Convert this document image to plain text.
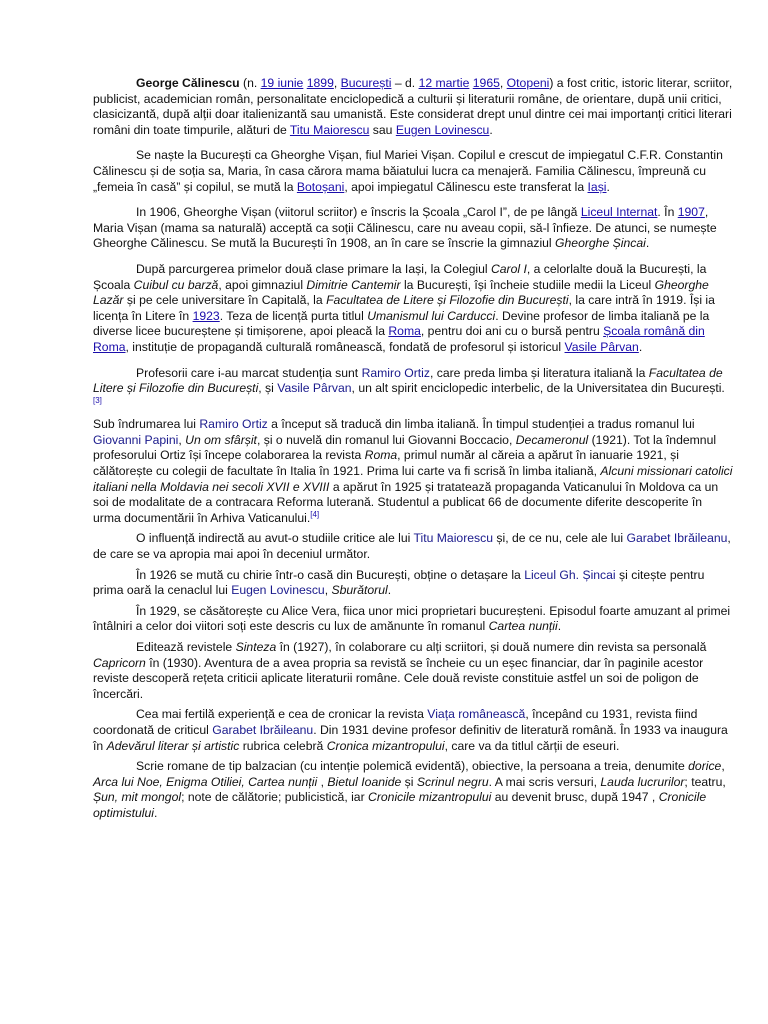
George Călinescu (n. 19 iunie 1899, București – d. 12 martie 1965, Otopeni) a fost critic, istoric literar, scriitor, publicist, academician român, personalitate enciclopedică a culturii și literaturii române, de orientare, după unii critici, clasicizantă, după alții doar italienizantă sau umanistă. Este considerat drept unul dintre cei mai importanți critici literari români din toate timpurile, alături de Titu Maiorescu sau Eugen Lovinescu.

Se naște la București ca Gheorghe Vișan, fiul Mariei Vișan. Copilul e crescut de impiegatul C.F.R. Constantin Călinescu și de soția sa, Maria, în casa cărora mama băiatului lucra ca menajeră. Familia Călinescu, împreună cu „femeia în casă” și copilul, se mută la Botoșani, apoi impiegatul Călinescu este transferat la Iași.

In 1906, Gheorghe Vișan (viitorul scriitor) e înscris la Școala „Carol I”, de pe lângă Liceul Internat. În 1907, Maria Vișan (mama sa naturală) acceptă ca soții Călinescu, care nu aveau copii, să-l înfieze. De atunci, se numește Gheorghe Călinescu. Se mută la București în 1908, an în care se înscrie la gimnaziul Gheorghe Șincai.

După parcurgerea primelor două clase primare la Iași, la Colegiul Carol I, a celorlalte două la București, la Școala Cuibul cu barză, apoi gimnaziul Dimitrie Cantemir la București, își încheie studiile medii la Liceul Gheorghe Lazăr și pe cele universitare în Capitală, la Facultatea de Litere și Filozofie din București, la care intră în 1919. Își ia licența în Litere în 1923. Teza de licență purta titlul Umanismul lui Carducci. Devine profesor de limba italiană pe la diverse licee bucureștene și timișorene, apoi pleacă la Roma, pentru doi ani cu o bursă pentru Școala română din Roma, instituție de propagandă culturală românească, fondată de profesorul și istoricul Vasile Pârvan.

Profesorii care i-au marcat studenția sunt Ramiro Ortiz, care preda limba și literatura italiană la Facultatea de Litere și Filozofie din București, și Vasile Pârvan, un alt spirit enciclopedic interbelic, de la Universitatea din București.[3]

Sub îndrumarea lui Ramiro Ortiz a început să traducă din limba italiană. În timpul studenției a tradus romanul lui Giovanni Papini, Un om sfârșit, și o nuvelă din romanul lui Giovanni Boccacio, Decameronul (1921). Tot la îndemnul profesorului Ortiz își începe colaborarea la revista Roma, primul număr al căreia a apărut în ianuarie 1921, și călătorește cu colegii de facultate în Italia în 1921. Prima lui carte va fi scrisă în limba italiană, Alcuni missionari catolici italiani nella Moldavia nei secoli XVII e XVIII a apărut în 1925 și tratatează propaganda Vaticanului în Moldova ca un soi de modalitate de a contracara Reforma luterană. Studentul a publicat 66 de documente diferite descoperite în urma documentării în Arhiva Vaticanului.[4]

O influență indirectă au avut-o studiile critice ale lui Titu Maiorescu și, de ce nu, cele ale lui Garabet Ibrăileanu, de care se va apropia mai apoi în deceniul următor.

În 1926 se mută cu chirie într-o casă din București, obține o detașare la Liceul Gh. Șincai și citește pentru prima oară la cenaclul lui Eugen Lovinescu, Sburătorul.

În 1929, se căsătorește cu Alice Vera, fiica unor mici proprietari bucureșteni. Episodul foarte amuzant al primei întâlniri a celor doi viitori soți este descris cu lux de amănunte în romanul Cartea nunții.

Editează revistele Sinteza în (1927), în colaborare cu alți scriitori, și două numere din revista sa personală Capricorn în (1930). Aventura de a avea propria sa revistă se încheie cu un eșec financiar, dar în paginile acestor reviste descoperă rețeta criticii aplicate literaturii române. Cele două reviste constituie astfel un soi de poligon de încercări.

Cea mai fertilă experiență e cea de cronicar la revista Viața românească, începând cu 1931, revista fiind coordonată de criticul Garabet Ibrăileanu. Din 1931 devine profesor definitiv de literatură română. În 1933 va inaugura în Adevărul literar și artistic rubrica celebră Cronica mizantropului, care va da titlul cărții de eseuri.

Scrie romane de tip balzacian (cu intenție polemică evidentă), obiective, la persoana a treia, denumite dorice, Arca lui Noe, Enigma Otiliei, Cartea nunții , Bietul Ioanide și Scrinul negru. A mai scris versuri, Lauda lucrurilor; teatru, Șun, mit mongol; note de călătorie; publicistică, iar Cronicile mizantropului au devenit brusc, după 1947 , Cronicile optimistului.
